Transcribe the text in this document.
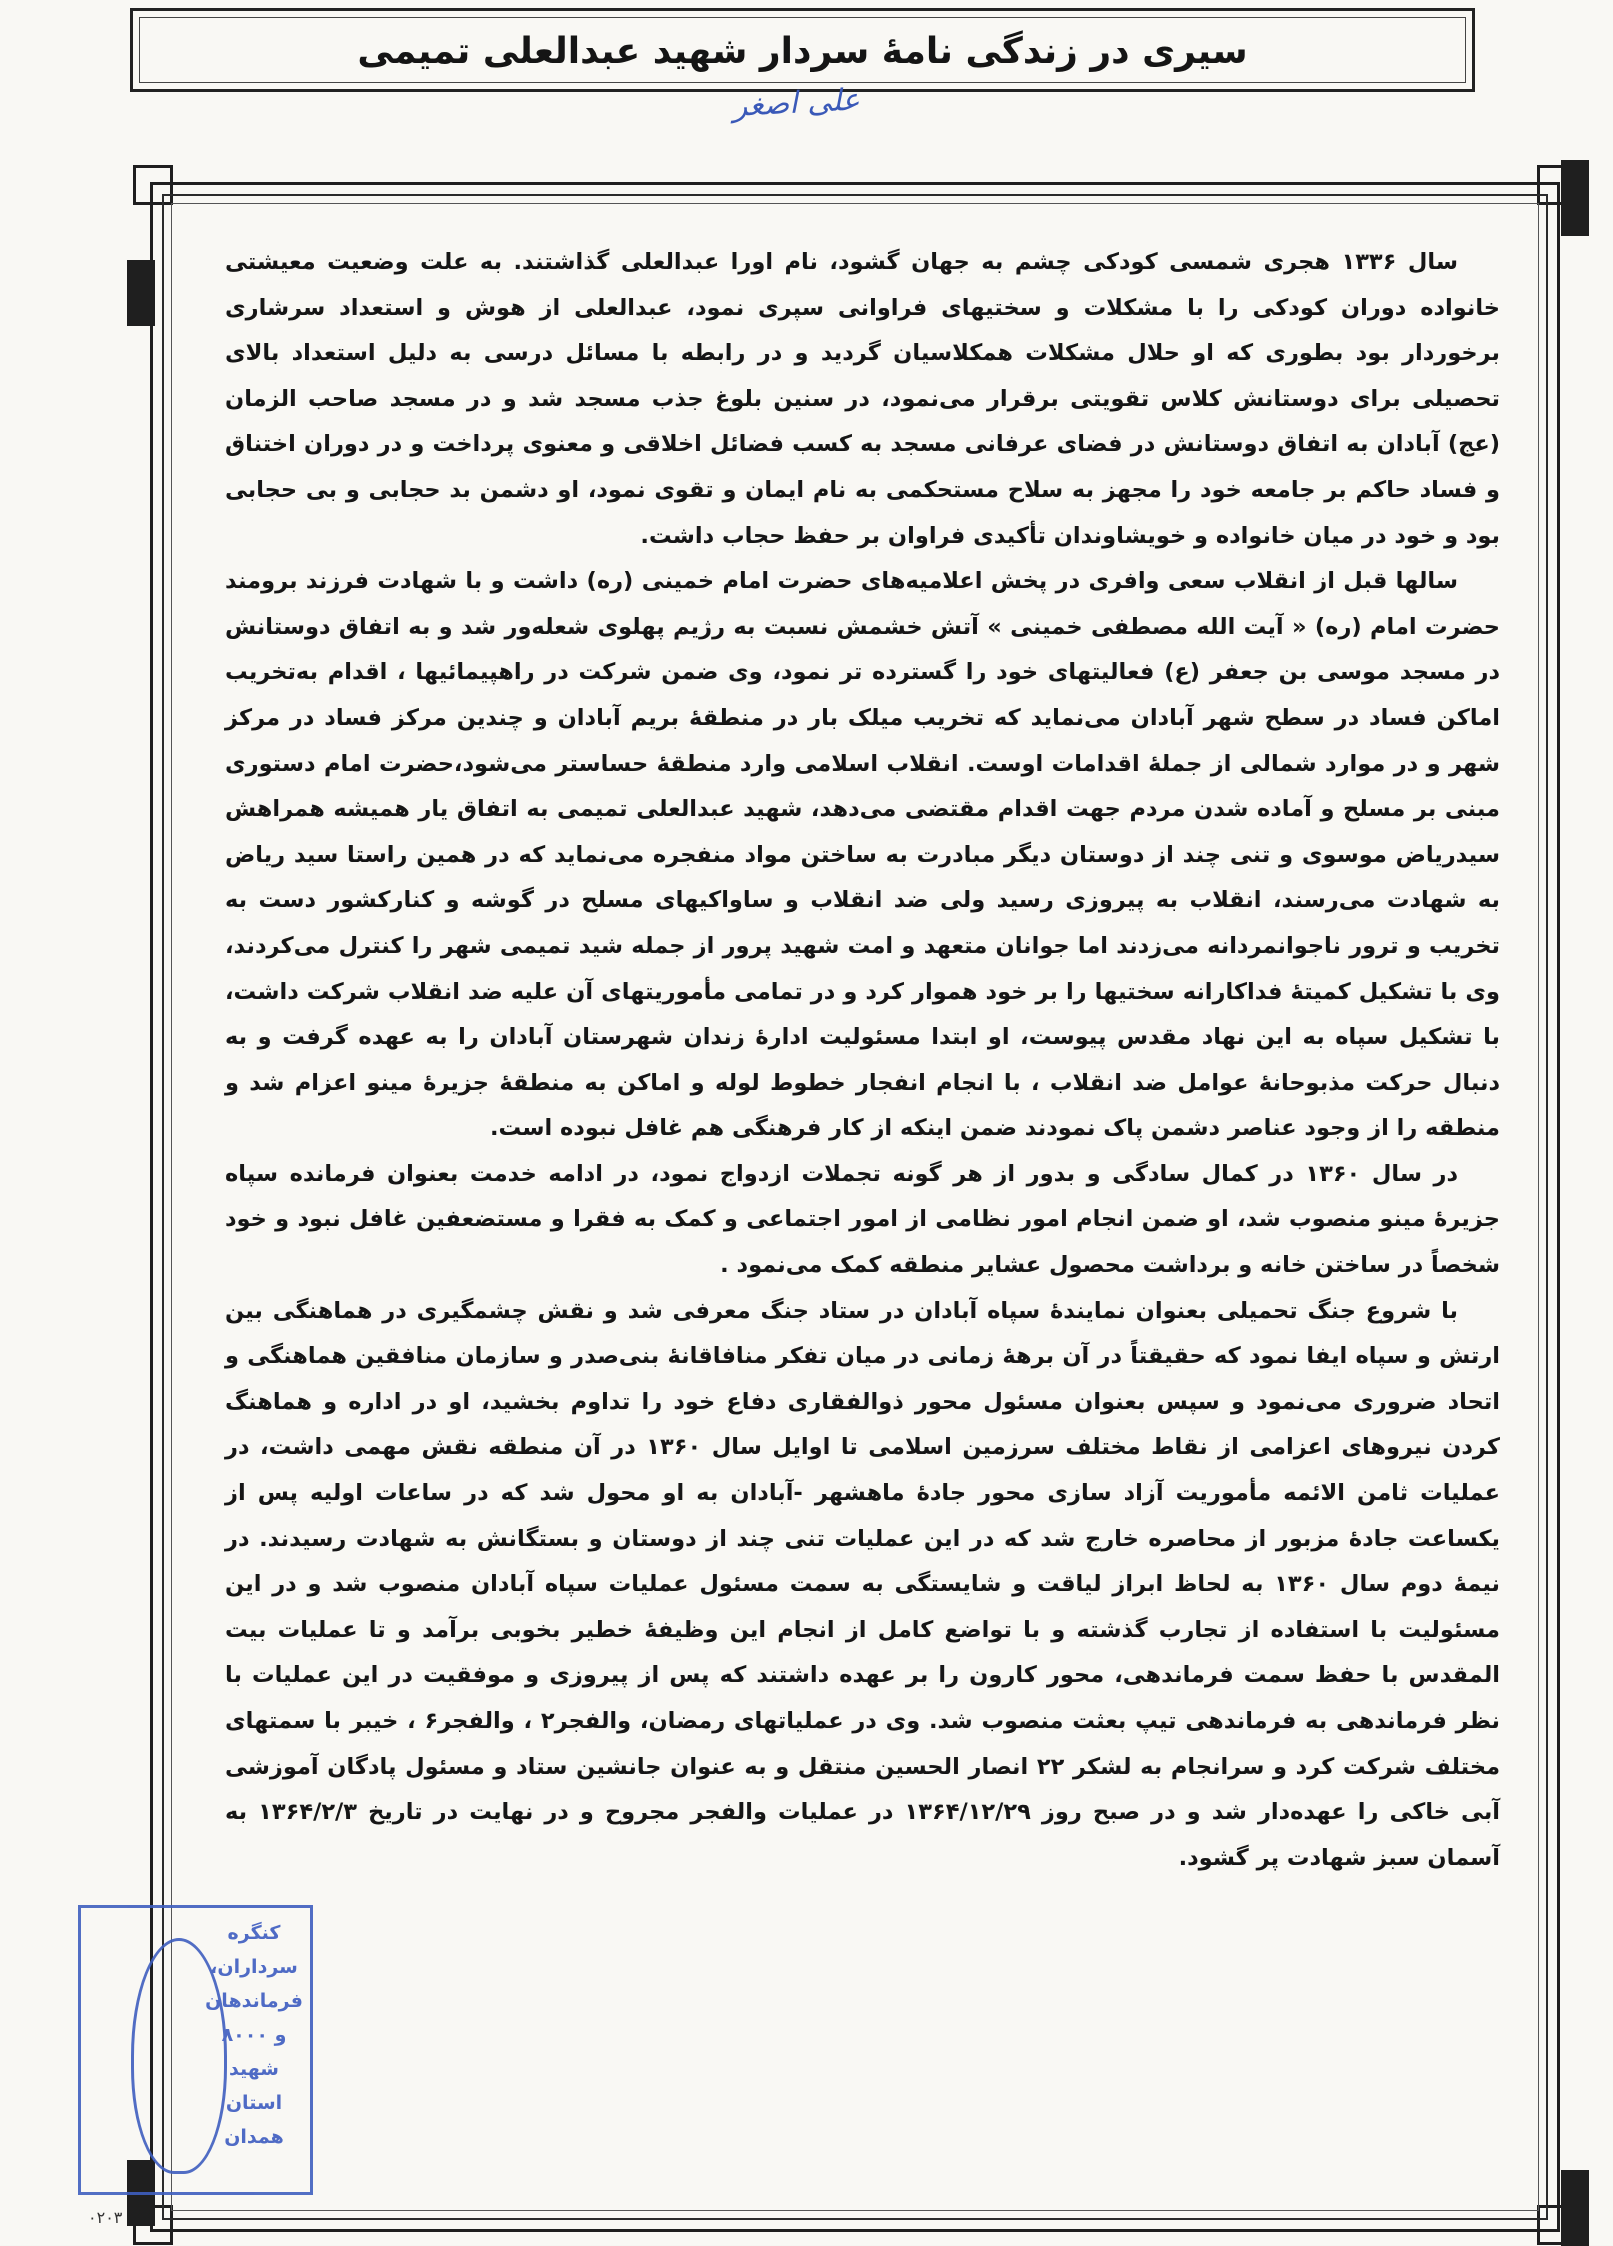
سیری در زندگی نامۀ سردار شهید عبدالعلی تمیمی
علی اصغر

سال ۱۳۳۶ هجری شمسی کودکی چشم به جهان گشود، نام اورا عبدالعلی گذاشتند. به علت وضعیت معیشتی خانواده دوران کودکی را با مشکلات و سختیهای فراوانی سپری نمود، عبدالعلی از هوش و استعداد سرشاری برخوردار بود بطوری که او حلال مشکلات همکلاسیان گردید و در رابطه با مسائل درسی به دلیل استعداد بالای تحصیلی برای دوستانش کلاس تقویتی برقرار می‌نمود، در سنین بلوغ جذب مسجد شد و در مسجد صاحب الزمان (عج) آبادان به اتفاق دوستانش در فضای عرفانی مسجد به کسب فضائل اخلاقی و معنوی پرداخت و در دوران اختناق و فساد حاکم بر جامعه خود را مجهز به سلاح مستحکمی به نام ایمان و تقوی نمود، او دشمن بد حجابی و بی حجابی بود و خود در میان خانواده و خویشاوندان تأکیدی فراوان بر حفظ حجاب داشت.

سالها قبل از انقلاب سعی وافری در پخش اعلامیه‌های حضرت امام خمینی (ره) داشت و با شهادت فرزند برومند حضرت امام (ره) « آیت الله مصطفی خمینی » آتش خشمش نسبت به رژیم پهلوی شعله‌ور شد و به اتفاق دوستانش در مسجد موسی بن جعفر (ع) فعالیتهای خود را گسترده تر نمود، وی ضمن شرکت در راهپیمائیها ، اقدام به‌تخریب اماکن فساد در سطح شهر آبادان می‌نماید که تخریب میلک بار در منطقۀ بریم آبادان و چندین مرکز فساد در مرکز شهر و در موارد شمالی از جملۀ اقدامات اوست. انقلاب اسلامی وارد منطقۀ حساستر می‌شود،حضرت امام دستوری مبنی بر مسلح و آماده شدن مردم جهت اقدام مقتضی می‌دهد، شهید عبدالعلی تمیمی به اتفاق یار همیشه همراهش سیدریاض موسوی و تنی چند از دوستان دیگر مبادرت به ساختن مواد منفجره می‌نماید که در همین راستا سید ریاض به شهادت می‌رسند، انقلاب به پیروزی رسید ولی ضد انقلاب و ساواکیهای مسلح در گوشه و کنارکشور دست به تخریب و ترور ناجوانمردانه می‌زدند اما جوانان متعهد و امت شهید پرور از جمله شید تمیمی شهر را کنترل می‌کردند، وی با تشکیل کمیتۀ فداکارانه سختیها را بر خود هموار کرد و در تمامی مأموریتهای آن علیه ضد انقلاب شرکت داشت، با تشکیل سپاه به این نهاد مقدس پیوست، او ابتدا مسئولیت ادارۀ زندان شهرستان آبادان را به عهده گرفت و به دنبال حرکت مذبوحانۀ عوامل ضد انقلاب ، با انجام انفجار خطوط لوله و اماکن به منطقۀ جزیرۀ مینو اعزام شد و منطقه را از وجود عناصر دشمن پاک نمودند ضمن اینکه از کار فرهنگی هم غافل نبوده است.

در سال ۱۳۶۰ در کمال سادگی و بدور از هر گونه تجملات ازدواج نمود، در ادامه خدمت بعنوان فرمانده سپاه جزیرۀ مینو منصوب شد، او ضمن انجام امور نظامی از امور اجتماعی و کمک به فقرا و مستضعفین غافل نبود و خود شخصاً در ساختن خانه و برداشت محصول عشایر منطقه کمک می‌نمود .

با شروع جنگ تحمیلی بعنوان نمایندۀ سپاه آبادان در ستاد جنگ معرفی شد و نقش چشمگیری در هماهنگی بین ارتش و سپاه ایفا نمود که حقیقتاً در آن برهۀ زمانی در میان تفکر منافاقانۀ بنی‌صدر و سازمان منافقین هماهنگی و اتحاد ضروری می‌نمود و سپس بعنوان مسئول محور ذوالفقاری دفاع خود را تداوم بخشید، او در اداره و هماهنگ کردن نیروهای اعزامی از نقاط مختلف سرزمین اسلامی تا اوایل سال ۱۳۶۰ در آن منطقه نقش مهمی داشت، در عملیات ثامن الائمه مأموریت آزاد سازی محور جادۀ ماهشهر -آبادان به او محول شد که در ساعات اولیه پس از یکساعت جادۀ مزبور از محاصره خارج شد که در این عملیات تنی چند از دوستان و بستگانش به شهادت رسیدند. در نیمۀ دوم سال ۱۳۶۰ به لحاظ ابراز لیاقت و شایستگی به سمت مسئول عملیات سپاه آبادان منصوب شد و در این مسئولیت با استفاده از تجارب گذشته و با تواضع کامل از انجام این وظیفۀ خطیر بخوبی برآمد و تا عملیات بیت المقدس با حفظ سمت فرماندهی، محور کارون را بر عهده داشتند که پس از پیروزی و موفقیت در این عملیات با نظر فرماندهی به فرماندهی تیپ بعثت منصوب شد. وی در عملیاتهای رمضان، والفجر۲ ، والفجر۶ ، خیبر با سمتهای مختلف شرکت کرد و سرانجام به لشکر ۲۲ انصار الحسین منتقل و به عنوان جانشین ستاد و مسئول پادگان آموزشی آبی خاکی را عهده‌دار شد و در صبح روز ۱۳۶۴/۱۲/۲۹ در عملیات والفجر مجروح و در نهایت در تاریخ ۱۳۶۴/۲/۳ به آسمان سبز شهادت پر گشود.

کنگره سرداران،
فرماندهان
و ۸۰۰۰ شهید
استان
همدان
۰۲۰۳
